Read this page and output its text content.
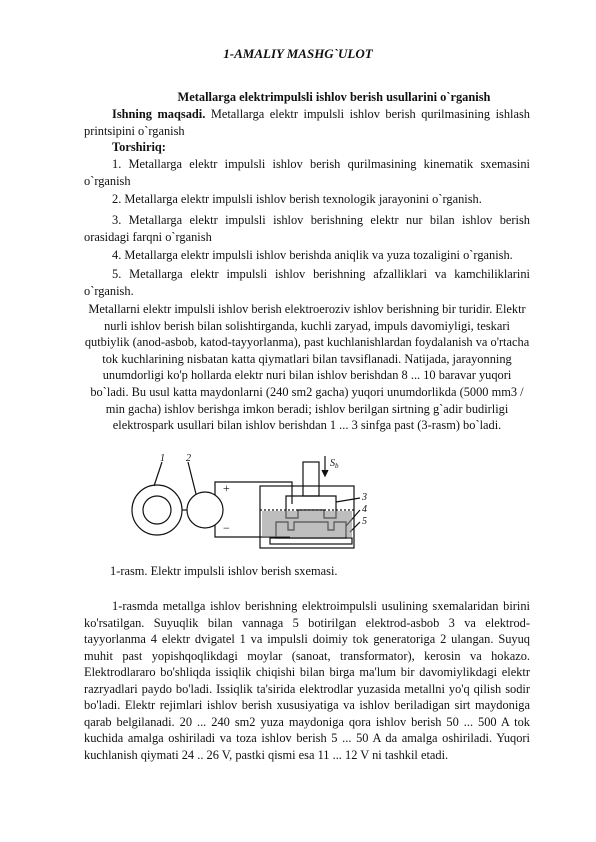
1-AMALIY MASHG`ULOT
Metallarga elektrimpulsli ishlov berish usullarini o`rganish
Ishning maqsadi. Metallarga elektr impulsli ishlov berish qurilmasining ishlash printsipini o`rganish
Torshiriq:
1. Metallarga elektr impulsli ishlov berish qurilmasining kinematik sxemasini o`rganish
2. Metallarga elektr impulsli ishlov berish texnologik jarayonini o`rganish.
3. Metallarga elektr impulsli ishlov berishning elektr nur bilan ishlov berish orasidagi farqni o`rganish
4. Metallarga elektr impulsli ishlov berishda aniqlik va yuza tozaligini o`rganish.
5. Metallarga elektr impulsli ishlov berishning afzalliklari va kamchiliklarini o`rganish.
Metallarni elektr impulsli ishlov berish elektroeroziv ishlov berishning bir turidir. Elektr nurli ishlov berish bilan solishtirganda, kuchli zaryad, impuls davomiyligi, teskari qutbiylik (anod-asbob, katod-tayyorlanma), past kuchlanishlardan foydalanish va o'rtacha tok kuchlarining nisbatan katta qiymatlari bilan tavsiflanadi. Natijada, jarayonning unumdorligi ko'p hollarda elektr nuri bilan ishlov berishdan 8 ... 10 baravar yuqori bo`ladi. Bu usul katta maydonlarni (240 sm2 gacha) yuqori unumdorlikda (5000 mm3 / min gacha) ishlov berishga imkon beradi; ishlov berilgan sirtning g`adir budirligi elektrospark usullari bilan ishlov berishdan 1 ... 3 sinfga past (3-rasm) bo`ladi.
1 2
+
−
$S_b$
3
4
5
1-rasm. Elektr impulsli ishlov berish sxemasi.
1-rasmda metallga ishlov berishning elektroimpulsli usulining sxemalaridan birini ko'rsatilgan. Suyuqlik bilan vannaga 5 botirilgan elektrod-asbob 3 va elektrod-tayyorlanma 4 elektr dvigatel 1 va impulsli doimiy tok generatoriga 2 ulangan. Suyuq muhit past yopishqoqlikdagi moylar (sanoat, transformator), kerosin va hokazo. Elektrodlararo bo'shliqda issiqlik chiqishi bilan birga ma'lum bir davomiylikdagi elektr razryadlari paydo bo'ladi. Issiqlik ta'sirida elektrodlar yuzasida metallni yo'q qilish sodir bo'ladi. Elektr rejimlari ishlov berish xususiyatiga va ishlov beriladigan sirt maydoniga qarab belgilanadi. 20 ... 240 sm2 yuza maydoniga qora ishlov berish 50 ... 500 A tok kuchida amalga oshiriladi va toza ishlov berish 5 ... 50 A da amalga oshiriladi. Yuqori kuchlanish qiymati 24 .. 26 V, pastki qismi esa 11 ... 12 V ni tashkil etadi.
